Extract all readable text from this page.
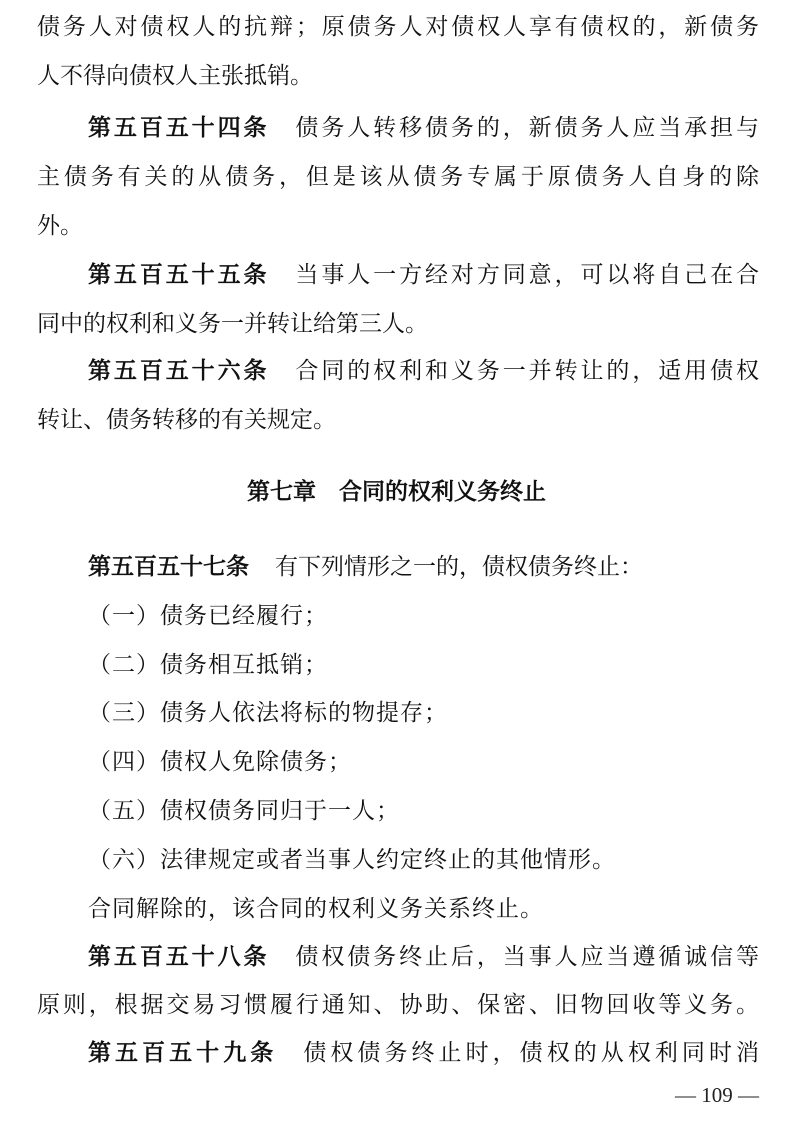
债务人对债权人的抗辩；原债务人对债权人享有债权的，新债务
人不得向债权人主张抵销。
第五百五十四条 债务人转移债务的，新债务人应当承担与
主债务有关的从债务，但是该从债务专属于原债务人自身的除
外。
第五百五十五条 当事人一方经对方同意，可以将自己在合
同中的权利和义务一并转让给第三人。
第五百五十六条 合同的权利和义务一并转让的，适用债权
转让、债务转移的有关规定。
第七章　合同的权利义务终止
第五百五十七条 有下列情形之一的，债权债务终止：
（一）债务已经履行；
（二）债务相互抵销；
（三）债务人依法将标的物提存；
（四）债权人免除债务；
（五）债权债务同归于一人；
（六）法律规定或者当事人约定终止的其他情形。
合同解除的，该合同的权利义务关系终止。
第五百五十八条 债权债务终止后，当事人应当遵循诚信等
原则，根据交易习惯履行通知、协助、保密、旧物回收等义务。
第五百五十九条 债权债务终止时，债权的从权利同时消
— 109 —
